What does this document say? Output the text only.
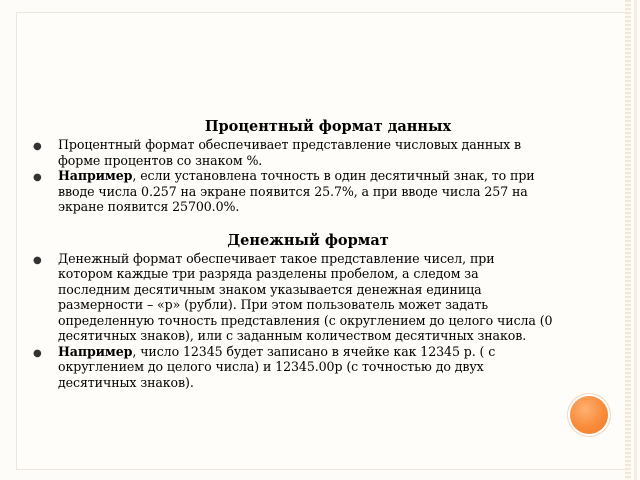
Процентный формат данных
● Процентный формат обеспечивает представление числовых данных в форме процентов со знаком %.
● Например, если установлена точность в один десятичный знак, то при вводе числа 0.257 на экране появится 25.7%, а при вводе числа 257 на экране появится 25700.0%.
Денежный формат
● Денежный формат обеспечивает такое представление чисел, при котором каждые три разряда разделены пробелом, а следом за последним десятичным знаком указывается денежная единица размерности – «р» (рубли). При этом пользователь может задать определенную точность представления (с округлением до целого числа (0 десятичных знаков), или с заданным количеством десятичных знаков.
● Например, число 12345 будет записано в ячейке как 12345 р. ( с округлением до целого числа) и 12345.00р (с точностью до двух десятичных знаков).
